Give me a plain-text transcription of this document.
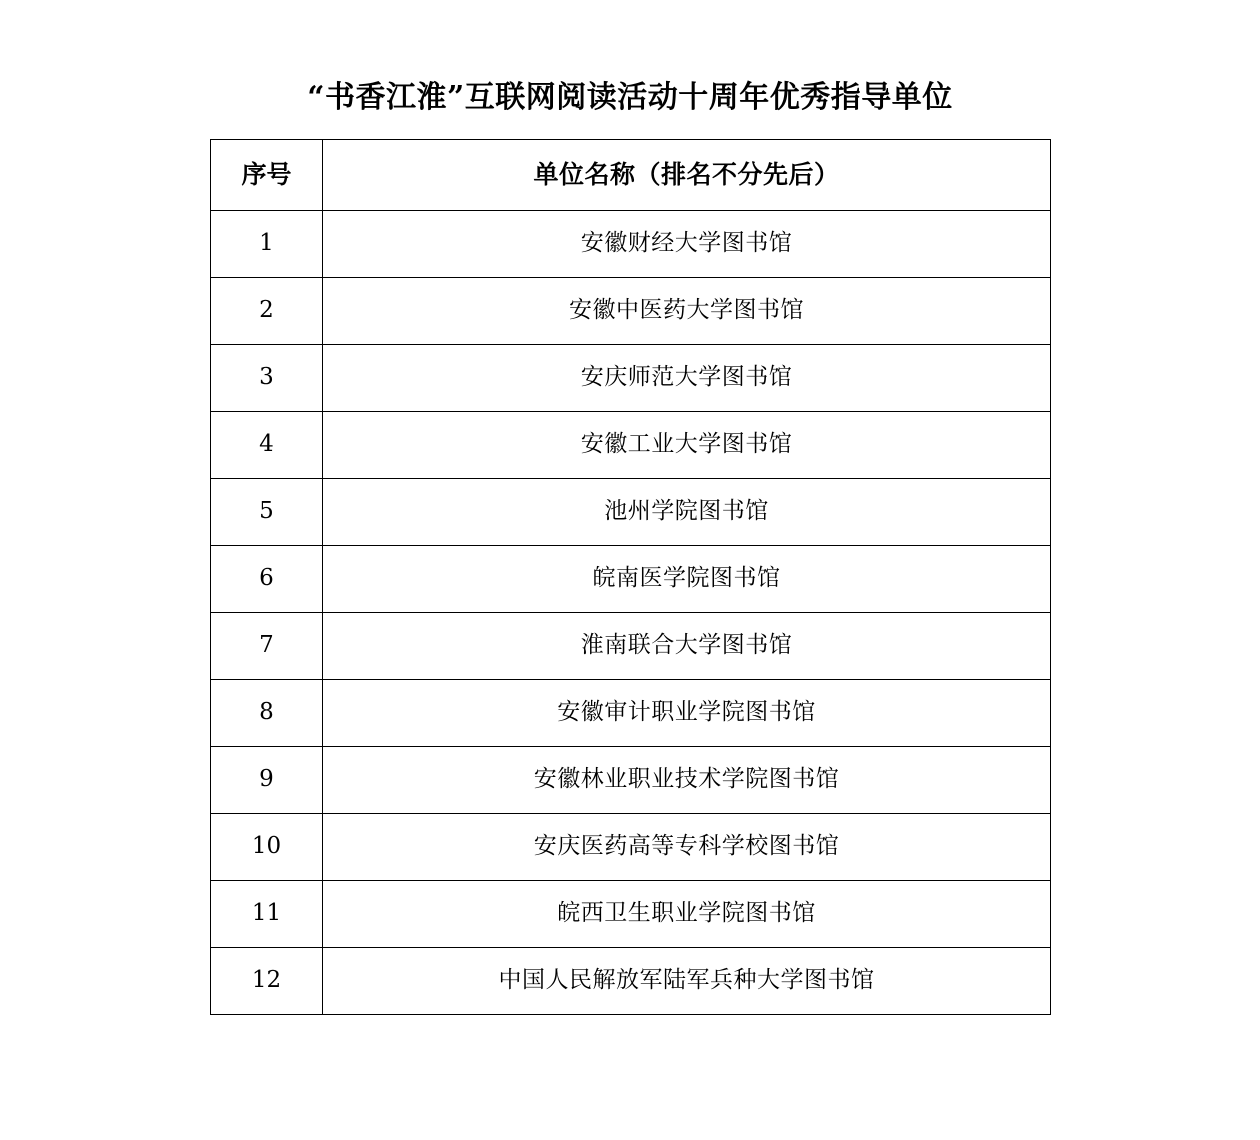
“书香江淮”互联网阅读活动十周年优秀指导单位
序号	单位名称（排名不分先后）
1	安徽财经大学图书馆
2	安徽中医药大学图书馆
3	安庆师范大学图书馆
4	安徽工业大学图书馆
5	池州学院图书馆
6	皖南医学院图书馆
7	淮南联合大学图书馆
8	安徽审计职业学院图书馆
9	安徽林业职业技术学院图书馆
10	安庆医药高等专科学校图书馆
11	皖西卫生职业学院图书馆
12	中国人民解放军陆军兵种大学图书馆
